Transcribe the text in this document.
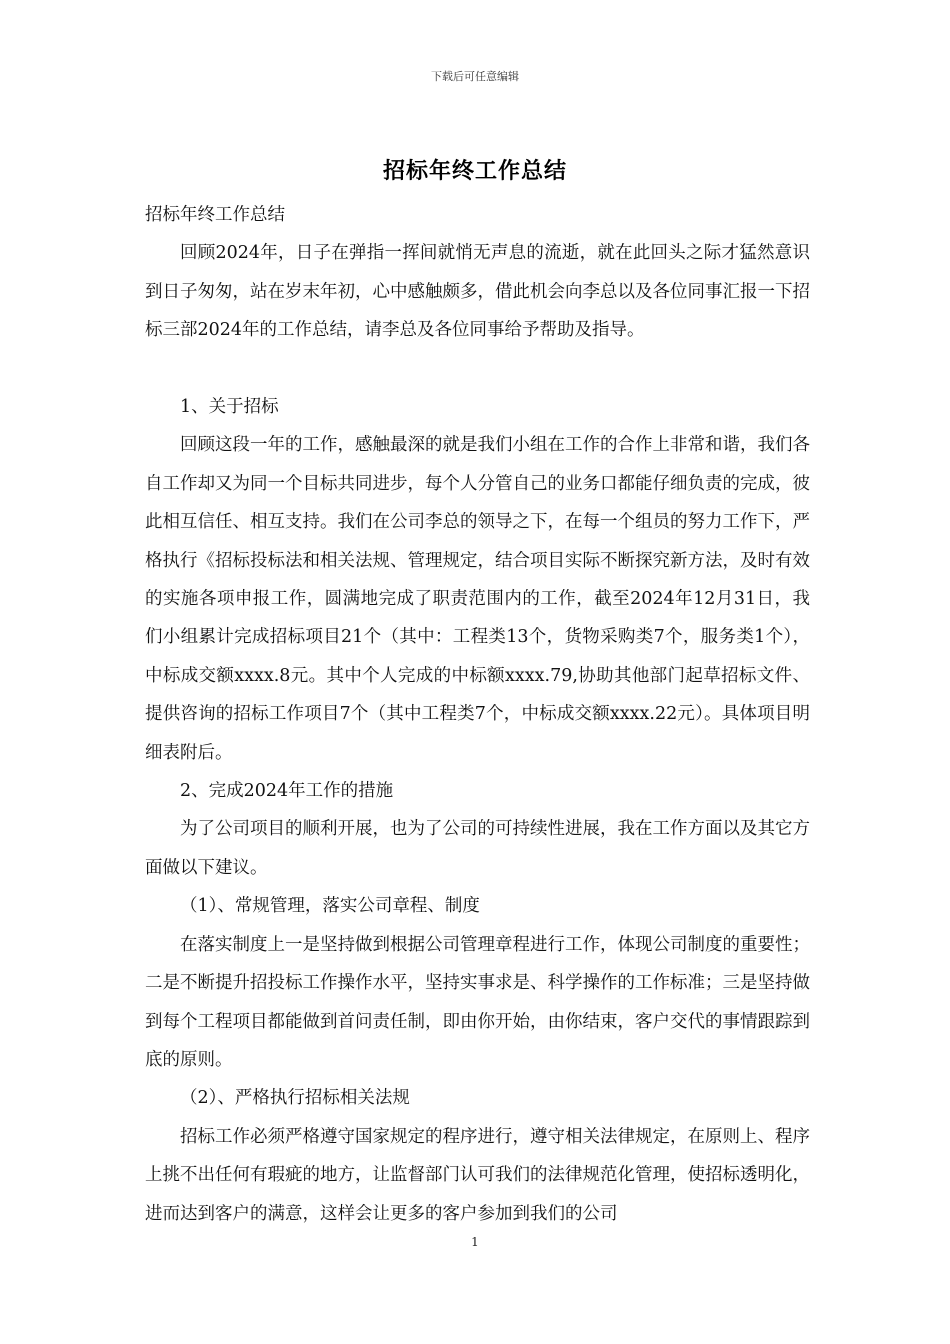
下载后可任意编辑
招标年终工作总结

招标年终工作总结

回顾2024年，日子在弹指一挥间就悄无声息的流逝，就在此回头之际才猛然意识到日子匆匆，站在岁末年初，心中感触颇多，借此机会向李总以及各位同事汇报一下招标三部2024年的工作总结，请李总及各位同事给予帮助及指导。

1、关于招标

回顾这段一年的工作，感触最深的就是我们小组在工作的合作上非常和谐，我们各自工作却又为同一个目标共同进步，每个人分管自己的业务口都能仔细负责的完成，彼此相互信任、相互支持。我们在公司李总的领导之下，在每一个组员的努力工作下，严格执行《招标投标法和相关法规、管理规定，结合项目实际不断探究新方法，及时有效的实施各项申报工作，圆满地完成了职责范围内的工作，截至2024年12月31日，我们小组累计完成招标项目21个（其中：工程类13个，货物采购类7个，服务类1个），中标成交额xxxx.8元。其中个人完成的中标额xxxx.79,协助其他部门起草招标文件、提供咨询的招标工作项目7个（其中工程类7个，中标成交额xxxx.22元）。具体项目明细表附后。

2、完成2024年工作的措施

为了公司项目的顺利开展，也为了公司的可持续性进展，我在工作方面以及其它方面做以下建议。

（1）、常规管理，落实公司章程、制度

在落实制度上一是坚持做到根据公司管理章程进行工作，体现公司制度的重要性；二是不断提升招投标工作操作水平，坚持实事求是、科学操作的工作标准；三是坚持做到每个工程项目都能做到首问责任制，即由你开始，由你结束，客户交代的事情跟踪到底的原则。

（2）、严格执行招标相关法规

招标工作必须严格遵守国家规定的程序进行，遵守相关法律规定，在原则上、程序上挑不出任何有瑕疵的地方，让监督部门认可我们的法律规范化管理，使招标透明化，进而达到客户的满意，这样会让更多的客户参加到我们的公司

1
